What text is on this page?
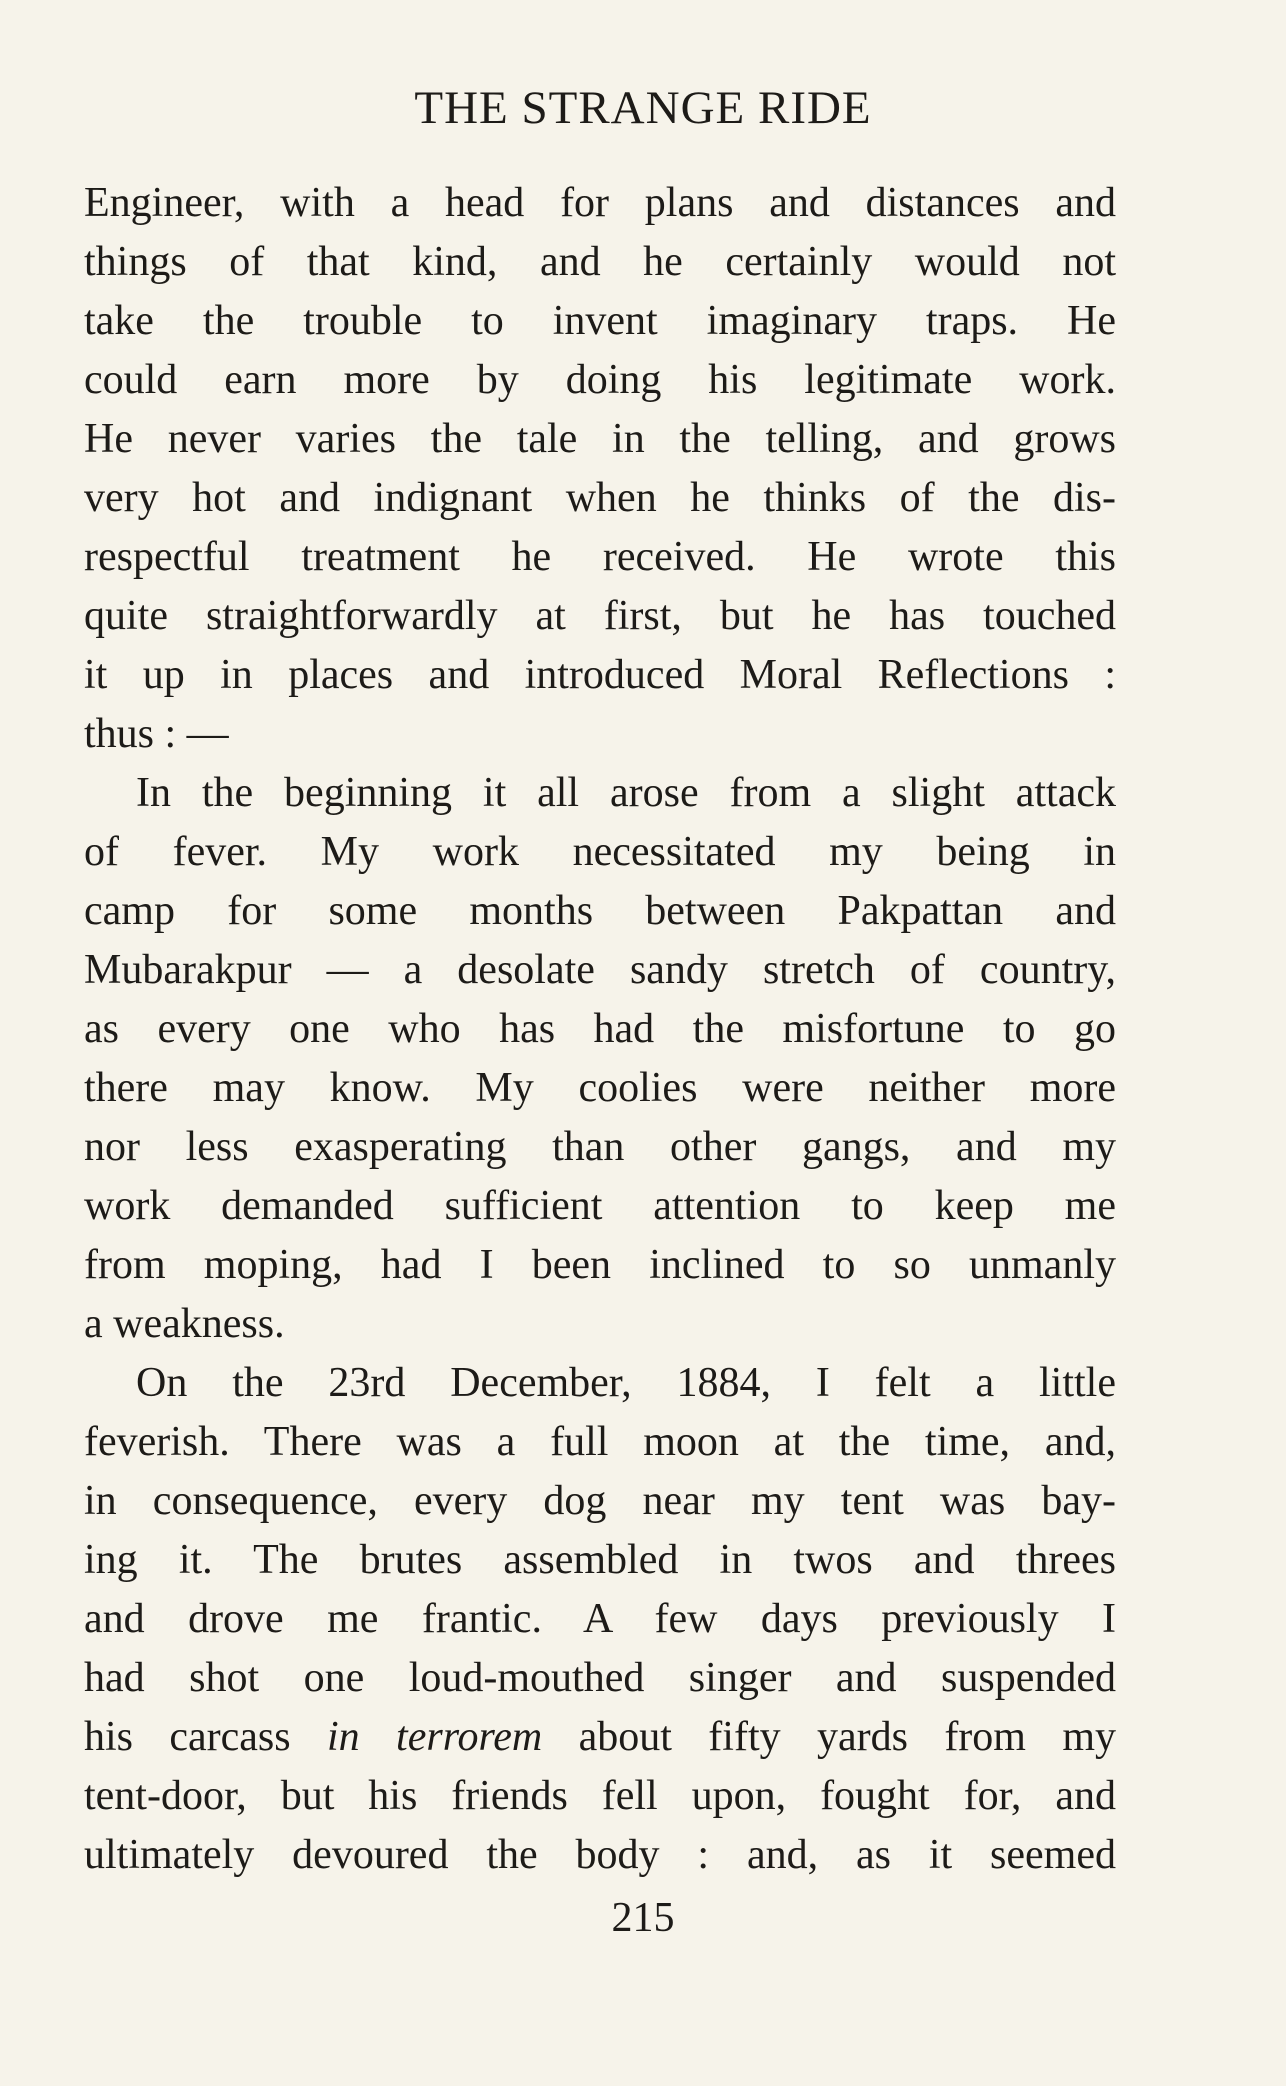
THE STRANGE RIDE
Engineer, with a head for plans and distances and
things of that kind, and he certainly would not
take the trouble to invent imaginary traps. He
could earn more by doing his legitimate work.
He never varies the tale in the telling, and grows
very hot and indignant when he thinks of the dis-
respectful treatment he received. He wrote this
quite straightforwardly at first, but he has touched
it up in places and introduced Moral Reflections :
thus : —
In the beginning it all arose from a slight attack
of fever. My work necessitated my being in
camp for some months between Pakpattan and
Mubarakpur — a desolate sandy stretch of country,
as every one who has had the misfortune to go
there may know. My coolies were neither more
nor less exasperating than other gangs, and my
work demanded sufficient attention to keep me
from moping, had I been inclined to so unmanly
a weakness.
On the 23rd December, 1884, I felt a little
feverish. There was a full moon at the time, and,
in consequence, every dog near my tent was bay-
ing it. The brutes assembled in twos and threes
and drove me frantic. A few days previously I
had shot one loud-mouthed singer and suspended
his carcass in terrorem about fifty yards from my
tent-door, but his friends fell upon, fought for, and
ultimately devoured the body : and, as it seemed
215
